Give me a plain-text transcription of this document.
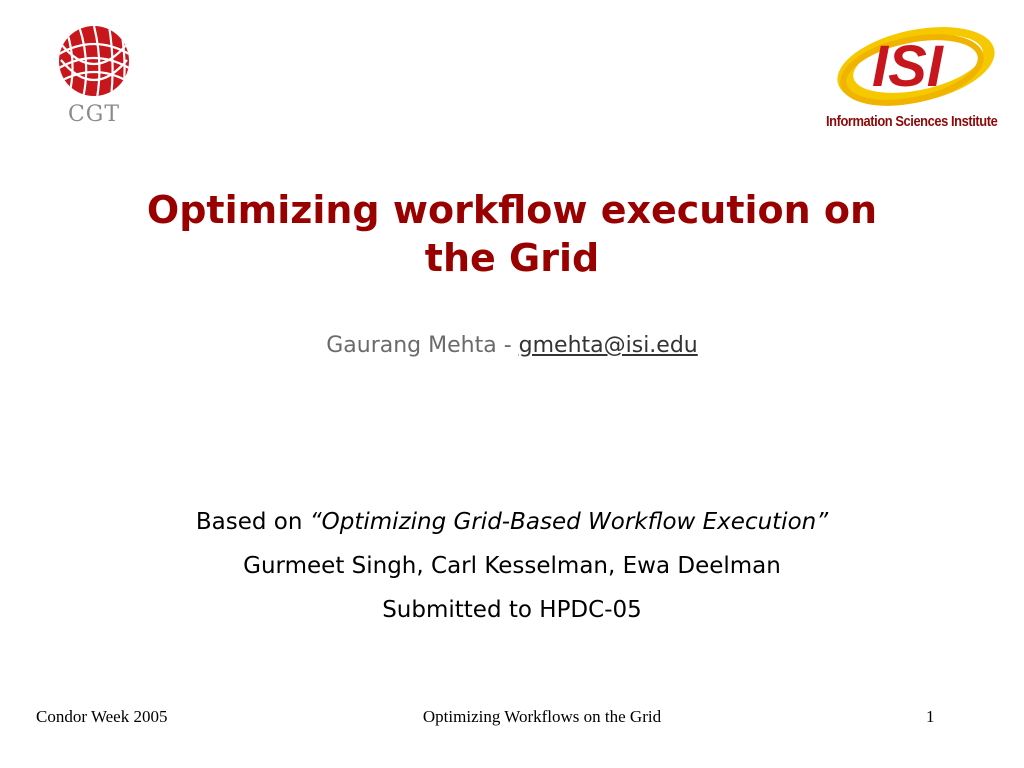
CGT
ISI
Information Sciences Institute
Optimizing workflow execution on
the Grid
Gaurang Mehta - gmehta@isi.edu
Based on “Optimizing Grid-Based Workflow Execution”
Gurmeet Singh, Carl Kesselman, Ewa Deelman
Submitted to HPDC-05
Condor Week 2005	Optimizing Workflows on the Grid	1
